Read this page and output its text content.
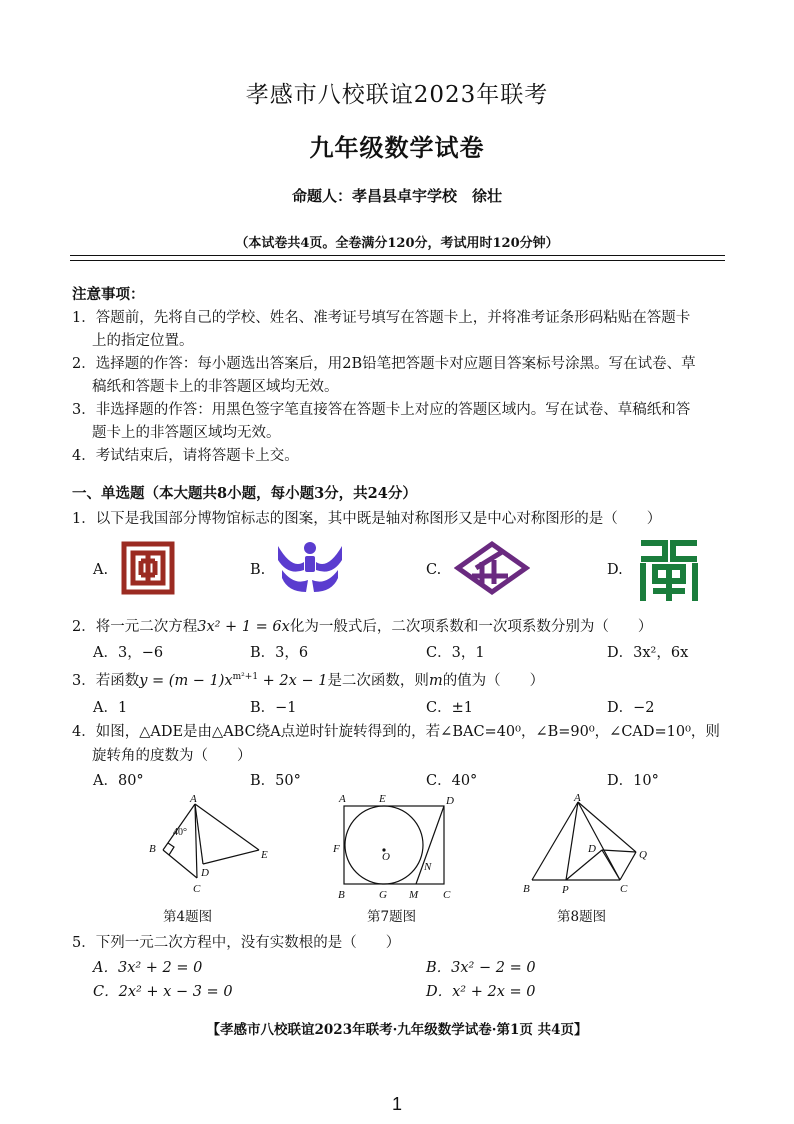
孝感市八校联谊2023年联考
九年级数学试卷
命题人：孝昌县卓宇学校　徐壮
（本试卷共4页。全卷满分120分，考试用时120分钟）
注意事项：
1．答题前，先将自己的学校、姓名、准考证号填写在答题卡上，并将准考证条形码粘贴在答题卡
上的指定位置。
2．选择题的作答：每小题选出答案后，用2B铅笔把答题卡对应题目答案标号涂黑。写在试卷、草
稿纸和答题卡上的非答题区域均无效。
3．非选择题的作答：用黑色签字笔直接答在答题卡上对应的答题区域内。写在试卷、草稿纸和答
题卡上的非答题区域均无效。
4．考试结束后，请将答题卡上交。
一、单选题（本大题共8小题，每小题3分，共24分）
1．以下是我国部分博物馆标志的图案，其中既是轴对称图形又是中心对称图形的是（　　）
A.	B.	C.	D.
2．将一元二次方程3x² + 1 = 6x化为一般式后，二次项系数和一次项系数分别为（　　）
A．3，−6	B．3，6	C．3，1	D．3x²，6x
3．若函数$y = (m - 1)x^{m^2+1} + 2x - 1$是二次函数，则m的值为（　　）
A．1	B．−1	C．±1	D．−2
4．如图，△ADE是由△ABC绕A点逆时针旋转得到的，若∠BAC=40⁰，∠B=90⁰，∠CAD=10⁰，则
旋转角的度数为（　　）
A．80°	B．50°	C．40°	D．10°
A
B
C
D
E
40°
第4题图
A	E	D
F
O
N
B	G M C
第7题图
A
D	Q
B	P	C
第8题图
5．下列一元二次方程中，没有实数根的是（　　）
A．3x² + 2 = 0	B．3x² − 2 = 0
C．2x² + x − 3 = 0	D．x² + 2x = 0
【孝感市八校联谊2023年联考·九年级数学试卷·第1页 共4页】
1
